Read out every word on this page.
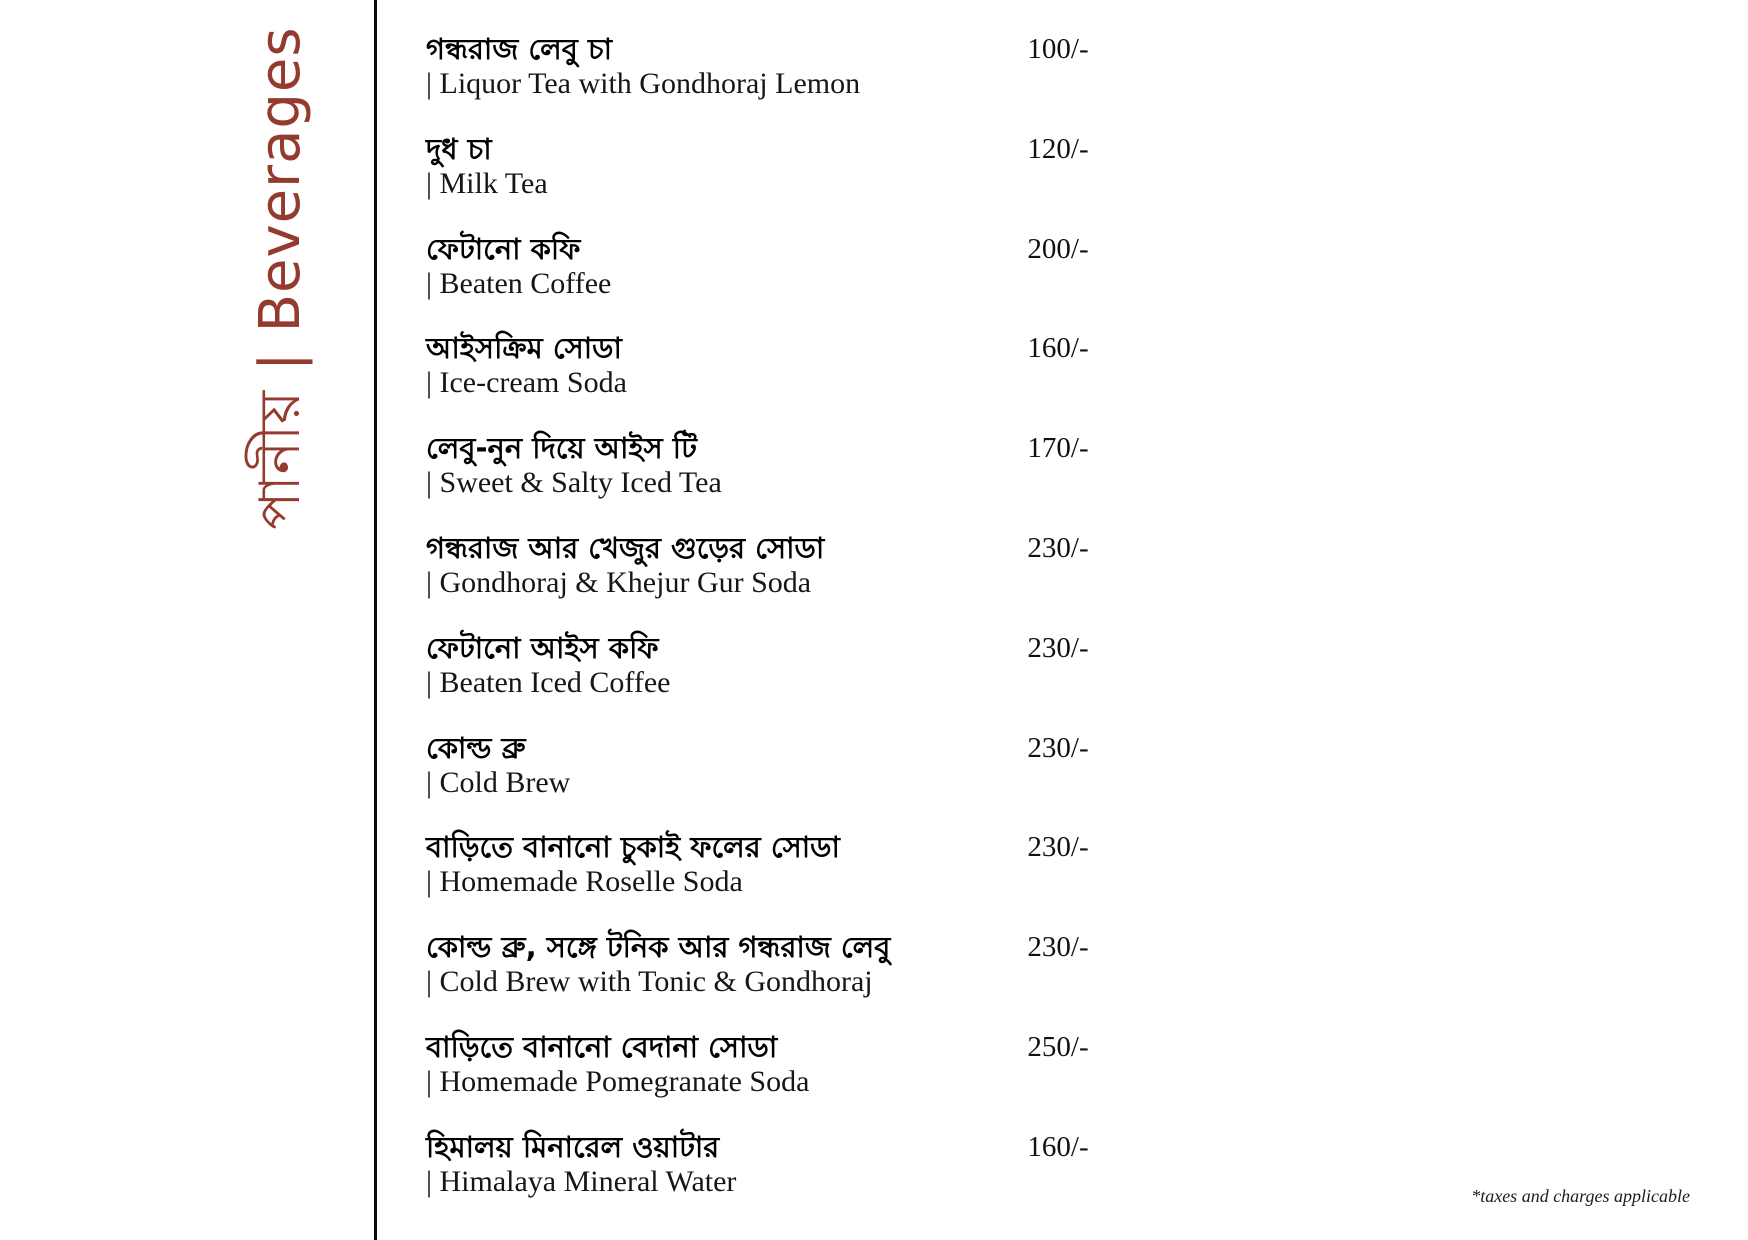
পানীয় | Beverages	গন্ধরাজ লেবু চা
| Liquor Tea with Gondhoraj Lemon
100/-
দুধ চা
| Milk Tea
120/-
ফেটানো কফি
| Beaten Coffee
200/-
আইসক্রিম সোডা
| Ice-cream Soda
160/-
লেবু-নুন দিয়ে আইস টি
| Sweet & Salty Iced Tea
170/-
গন্ধরাজ আর খেজুর গুড়ের সোডা
| Gondhoraj & Khejur Gur Soda
230/-
ফেটানো আইস কফি
| Beaten Iced Coffee
230/-
কোল্ড ব্রু
| Cold Brew
230/-
বাড়িতে বানানো চুকাই ফলের সোডা
| Homemade Roselle Soda
230/-
কোল্ড ব্রু, সঙ্গে টনিক আর গন্ধরাজ লেবু
| Cold Brew with Tonic & Gondhoraj
230/-
বাড়িতে বানানো বেদানা সোডা
| Homemade Pomegranate Soda
250/-
হিমালয় মিনারেল ওয়াটার
| Himalaya Mineral Water
160/-
*taxes and charges applicable
